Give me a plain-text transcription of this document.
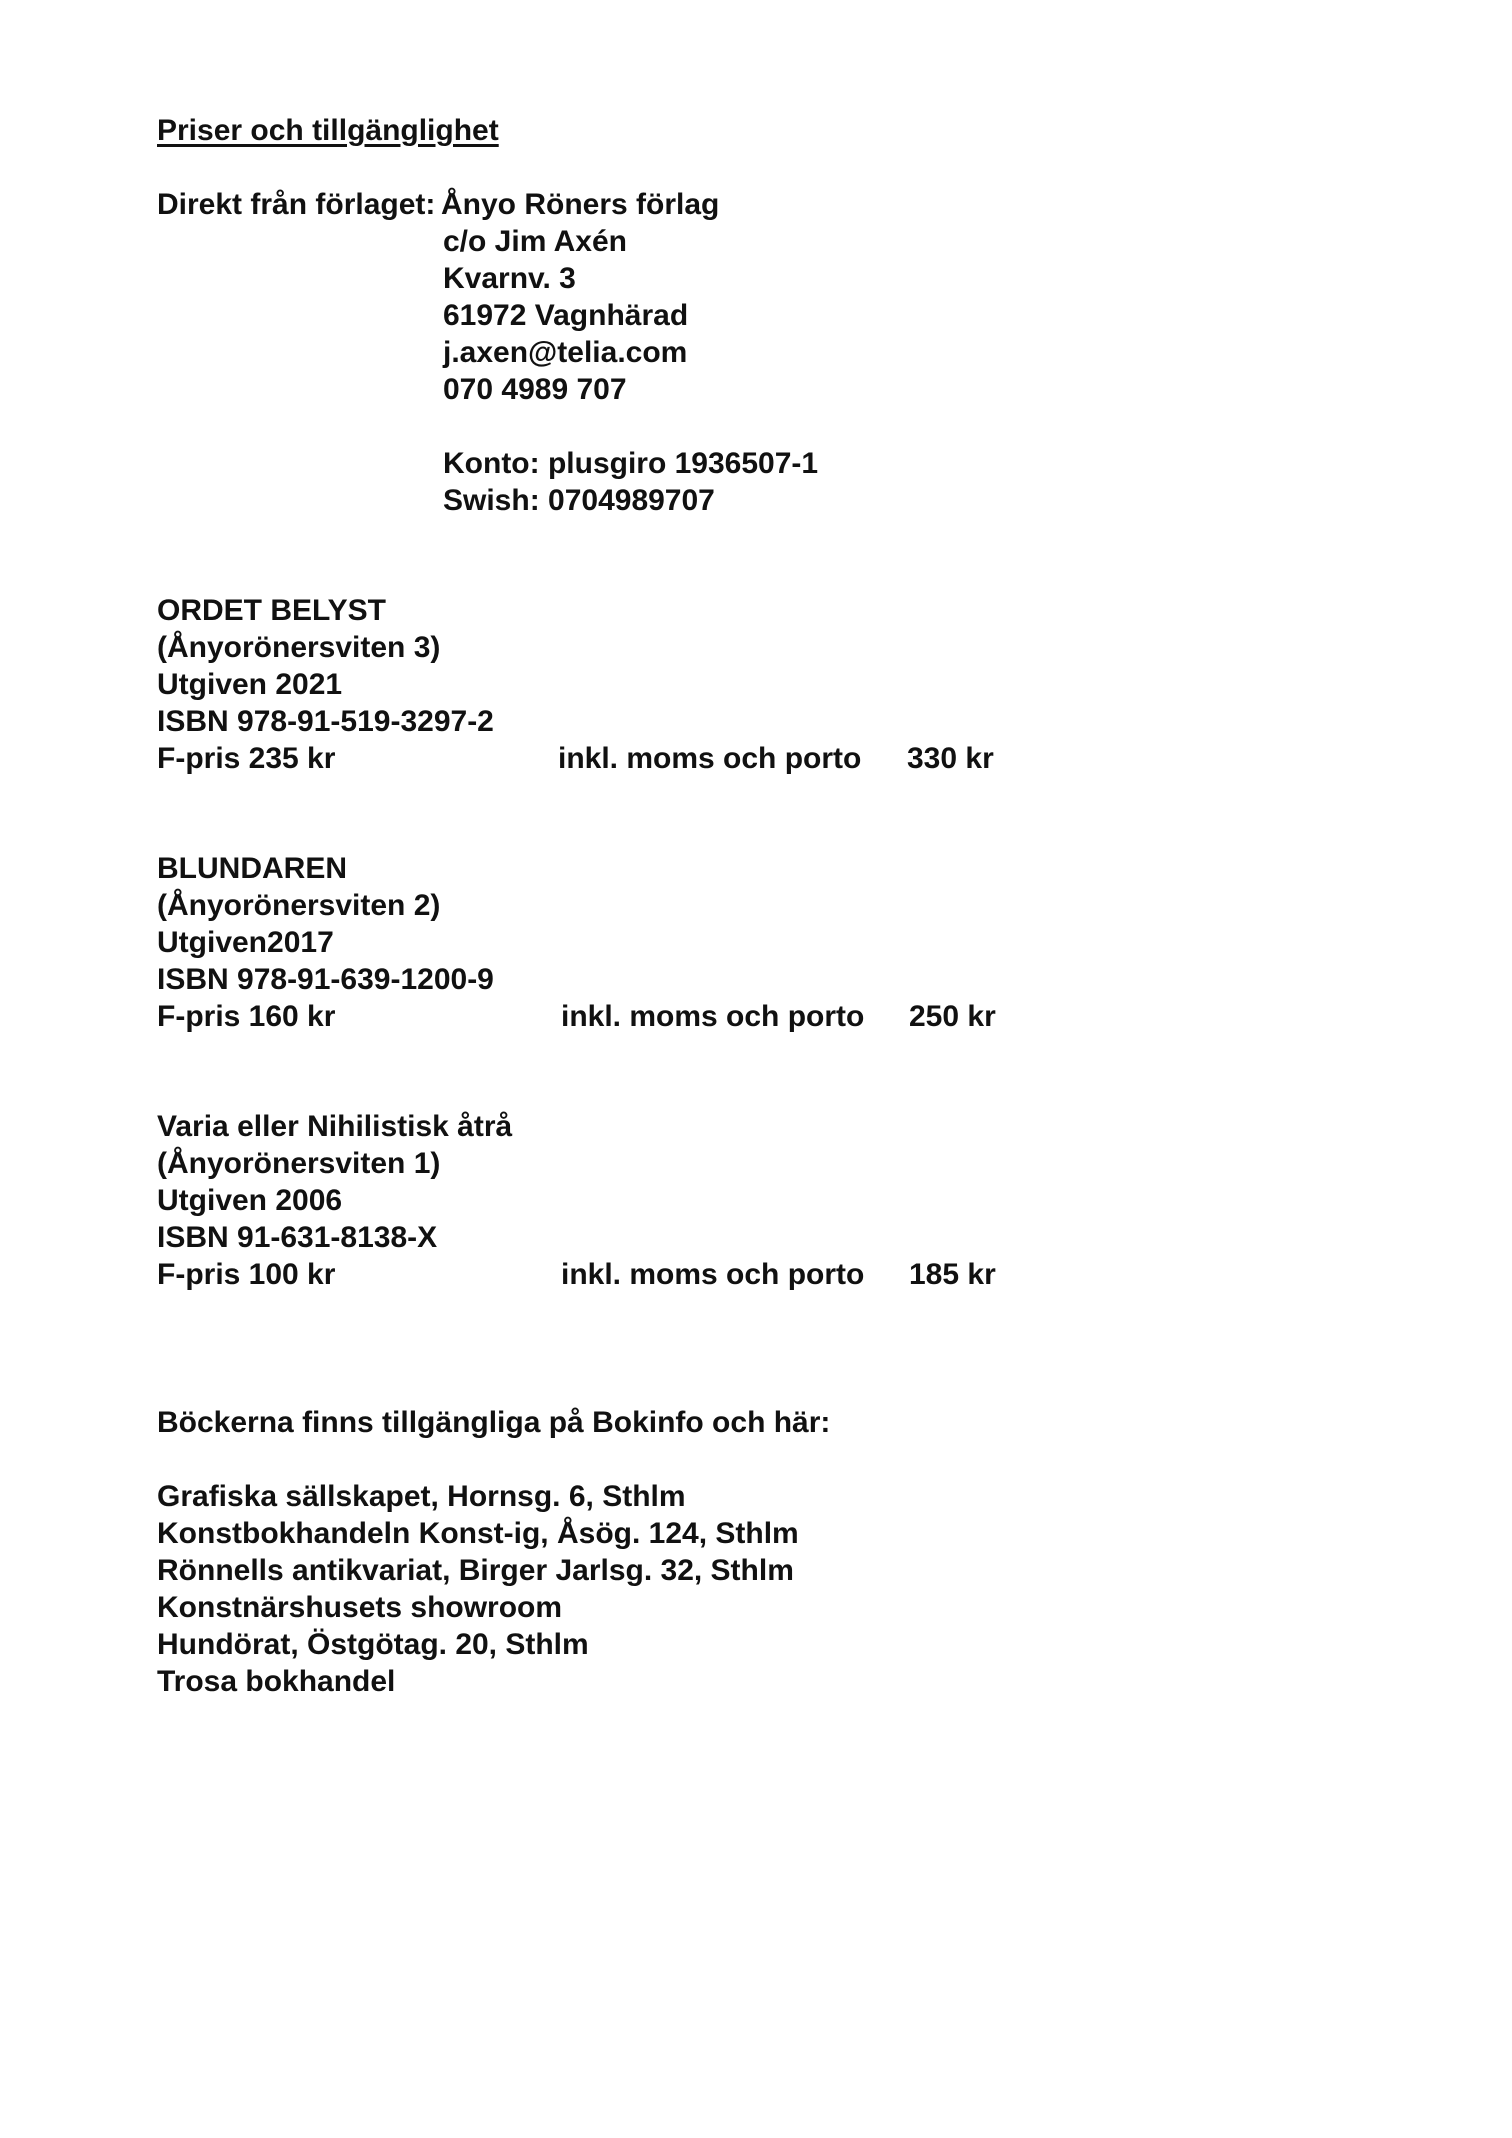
Priser och tillgänglighet
Direkt från förlaget: Ånyo Röners förlag
c/o Jim Axén
Kvarnv. 3
61972 Vagnhärad
j.axen@telia.com
070 4989 707
Konto: plusgiro 1936507-1
Swish: 0704989707
ORDET BELYST
(Ånyorönersviten 3)
Utgiven 2021
ISBN 978-91-519-3297-2
F-pris 235 kr	inkl. moms och porto 330 kr
BLUNDAREN
(Ånyorönersviten 2)
Utgiven2017
ISBN 978-91-639-1200-9
F-pris 160 kr	inkl. moms och porto 250 kr
Varia eller Nihilistisk åtrå
(Ånyorönersviten 1)
Utgiven 2006
ISBN 91-631-8138-X
F-pris 100 kr	inkl. moms och porto 185 kr
Böckerna finns tillgängliga på Bokinfo och här:
Grafiska sällskapet, Hornsg. 6, Sthlm
Konstbokhandeln Konst-ig, Åsög. 124, Sthlm
Rönnells antikvariat, Birger Jarlsg. 32, Sthlm
Konstnärshusets showroom
Hundörat, Östgötag. 20, Sthlm
Trosa bokhandel
